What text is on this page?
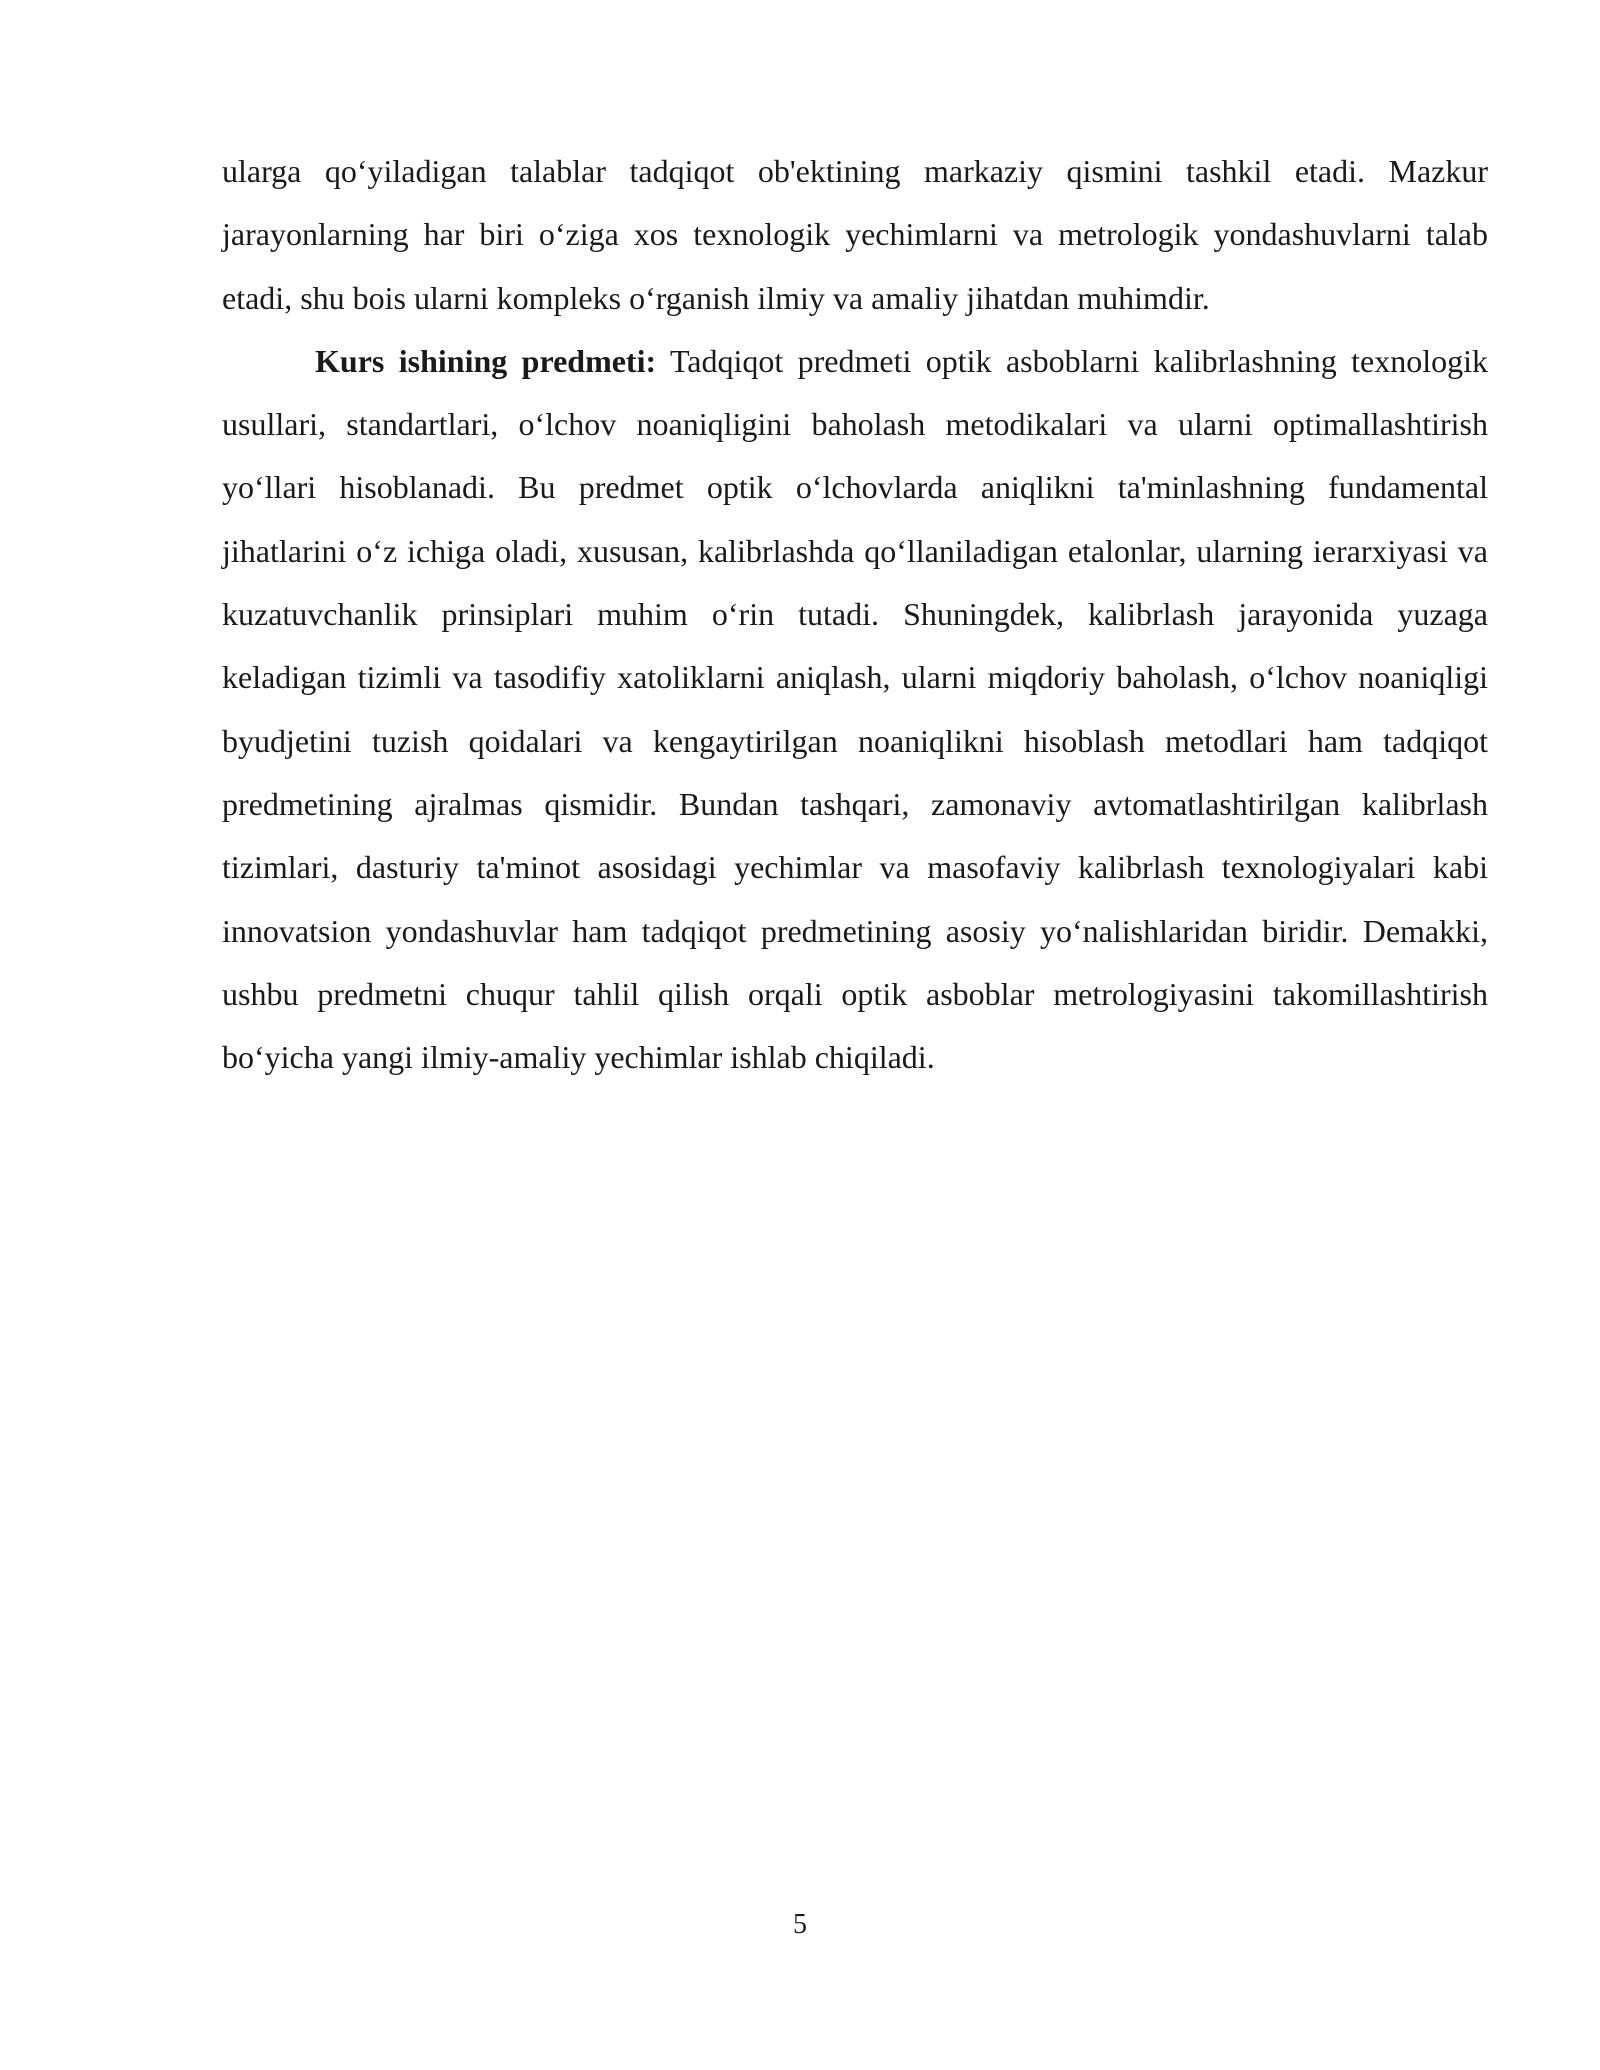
ularga qo‘yiladigan talablar tadqiqot ob'ektining markaziy qismini tashkil etadi. Mazkur jarayonlarning har biri o‘ziga xos texnologik yechimlarni va metrologik yondashuvlarni talab etadi, shu bois ularni kompleks o‘rganish ilmiy va amaliy jihatdan muhimdir.

Kurs ishining predmeti: Tadqiqot predmeti optik asboblarni kalibrlashning texnologik usullari, standartlari, o‘lchov noaniqligini baholash metodikalari va ularni optimallashtirish yo‘llari hisoblanadi. Bu predmet optik o‘lchovlarda aniqlikni ta'minlashning fundamental jihatlarini o‘z ichiga oladi, xususan, kalibrlashda qo‘llaniladigan etalonlar, ularning ierarxiyasi va kuzatuvchanlik prinsiplari muhim o‘rin tutadi. Shuningdek, kalibrlash jarayonida yuzaga keladigan tizimli va tasodifiy xatoliklarni aniqlash, ularni miqdoriy baholash, o‘lchov noaniqligi byudjetini tuzish qoidalari va kengaytirilgan noaniqlikni hisoblash metodlari ham tadqiqot predmetining ajralmas qismidir. Bundan tashqari, zamonaviy avtomatlashtirilgan kalibrlash tizimlari, dasturiy ta'minot asosidagi yechimlar va masofaviy kalibrlash texnologiyalari kabi innovatsion yondashuvlar ham tadqiqot predmetining asosiy yo‘nalishlaridan biridir. Demakki, ushbu predmetni chuqur tahlil qilish orqali optik asboblar metrologiyasini takomillashtirish bo‘yicha yangi ilmiy-amaliy yechimlar ishlab chiqiladi.

5
